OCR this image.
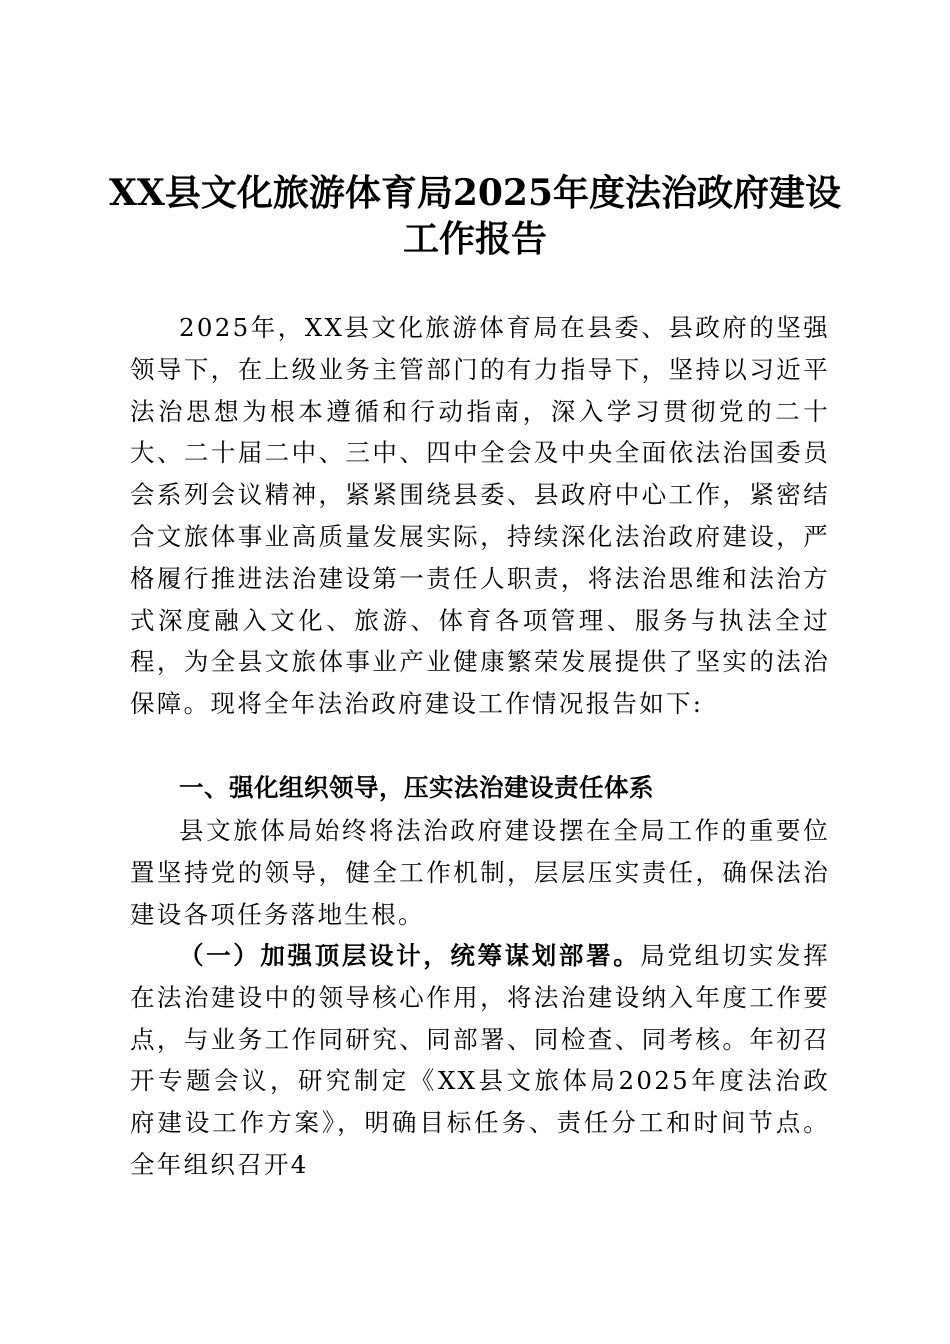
XX县文化旅游体育局2025年度法治政府建设
工作报告

2025年，XX县文化旅游体育局在县委、县政府的坚强领导下，在上级业务主管部门的有力指导下，坚持以习近平法治思想为根本遵循和行动指南，深入学习贯彻党的二十大、二十届二中、三中、四中全会及中央全面依法治国委员会系列会议精神，紧紧围绕县委、县政府中心工作，紧密结合文旅体事业高质量发展实际，持续深化法治政府建设，严格履行推进法治建设第一责任人职责，将法治思维和法治方式深度融入文化、旅游、体育各项管理、服务与执法全过程，为全县文旅体事业产业健康繁荣发展提供了坚实的法治保障。现将全年法治政府建设工作情况报告如下:

一、强化组织领导，压实法治建设责任体系

县文旅体局始终将法治政府建设摆在全局工作的重要位置坚持党的领导，健全工作机制，层层压实责任，确保法治建设各项任务落地生根。

（一）加强顶层设计，统筹谋划部署。局党组切实发挥在法治建设中的领导核心作用，将法治建设纳入年度工作要点，与业务工作同研究、同部署、同检查、同考核。年初召开专题会议，研究制定《XX县文旅体局2025年度法治政府建设工作方案》，明确目标任务、责任分工和时间节点。全年组织召开4
